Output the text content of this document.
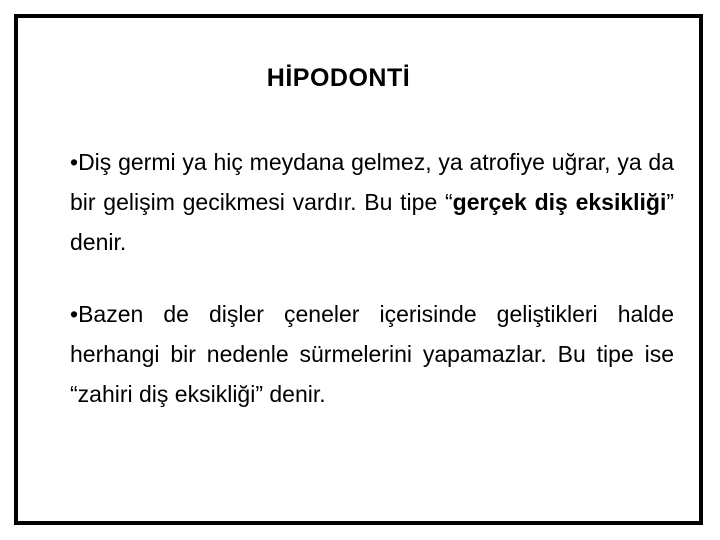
HİPODONTİ

•Diş germi ya hiç meydana gelmez, ya atrofiye uğrar, ya da bir gelişim gecikmesi vardır. Bu tipe “gerçek diş eksikliği” denir.

•Bazen de dişler çeneler içerisinde geliştikleri halde herhangi bir nedenle sürmelerini yapamazlar. Bu tipe ise “zahiri diş eksikliği” denir.
